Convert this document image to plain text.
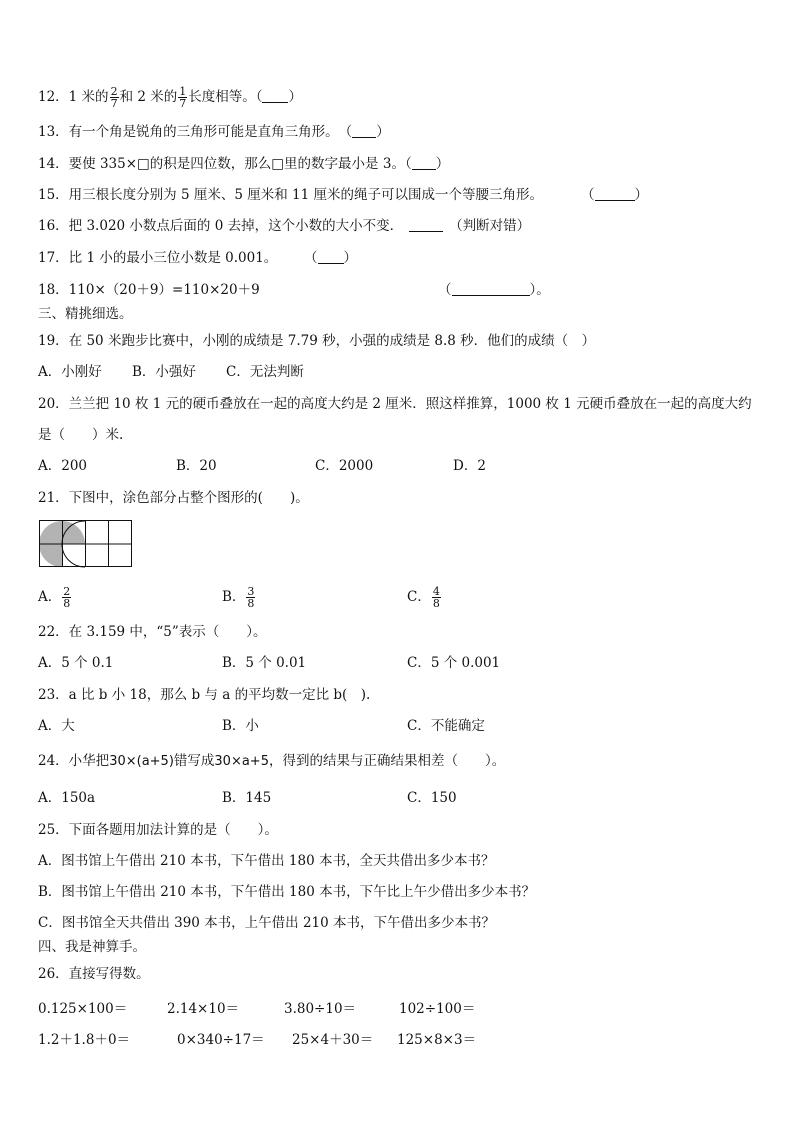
12．1 米的 $\frac{2}{7}$ 和 2 米的 $\frac{1}{7}$ 长度相等。（ ）
13．有一个角是锐角的三角形可能是直角三角形。　（ ）
14．要使 335×□的积是四位数，那么□里的数字最小是 3。（ ）
15．用三根长度分别为 5 厘米、5 厘米和 11 厘米的绳子可以围成一个等腰三角形。	（	）
16．把 3.020 小数点后面的 0 去掉，这个小数的大小不变．	（判断对错）
17．比 1 小的最小三位小数是 0.001。 （ ）
18．110×（20＋9）=110×20＋9	（	）。
三、精挑细选。
19．在 50 米跑步比赛中，小刚的成绩是 7.79 秒，小强的成绩是 8.8 秒．他们的成绩（　）
A．小刚好 B．小强好 C．无法判断
20．兰兰把 10 枚 1 元的硬币叠放在一起的高度大约是 2 厘米．照这样推算，1000 枚 1 元硬币叠放在一起的高度大约
是（　　）米.
A．200	B．20	C．2000	D．2
21．下图中，涂色部分占整个图形的(　　)。
A． $\frac{2}{8}$	B． $\frac{3}{8}$	C． $\frac{4}{8}$
22．在 3.159 中，“5”表示（　　）。
A．5 个 0.1	B．5 个 0.01	C．5 个 0.001
23．a 比 b 小 18，那么 b 与 a 的平均数一定比 b(　).
A．大	B．小	C．不能确定
24．小华把30×(a+5)错写成30×a+5，得到的结果与正确结果相差（　　）。
A．150a	B．145	C．150
25．下面各题用加法计算的是（　　）。
A．图书馆上午借出 210 本书，下午借出 180 本书，全天共借出多少本书？
B．图书馆上午借出 210 本书，下午借出 180 本书，下午比上午少借出多少本书？
C．图书馆全天共借出 390 本书，上午借出 210 本书，下午借出多少本书？
四、我是神算手。
26．直接写得数。
0.125×100＝	2.14×10＝	3.80÷10＝	102÷100＝
1.2＋1.8＋0＝	0×340÷17＝ 25×4＋30＝ 125×8×3＝
